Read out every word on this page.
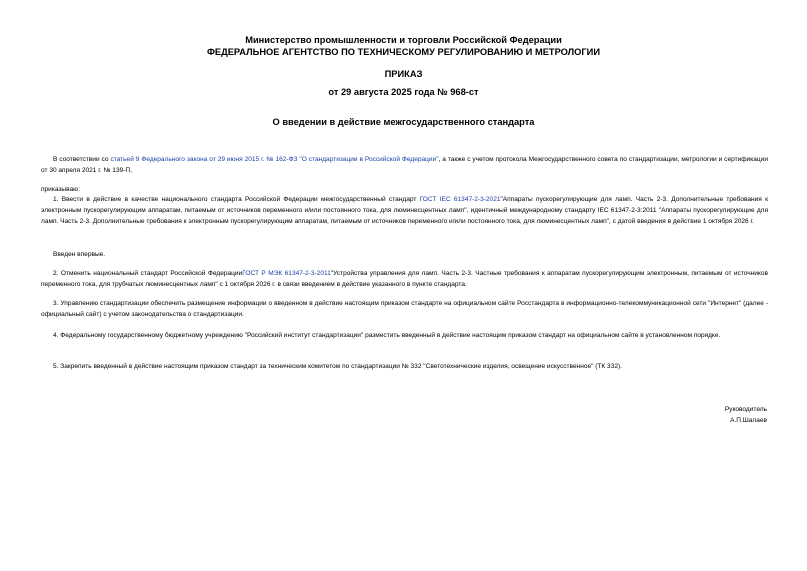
Министерство промышленности и торговли Российской Федерации
ФЕДЕРАЛЬНОЕ АГЕНТСТВО ПО ТЕХНИЧЕСКОМУ РЕГУЛИРОВАНИЮ И МЕТРОЛОГИИ
ПРИКАЗ
от 29 августа 2025 года № 968-ст
О введении в действие межгосударственного стандарта
В соответствии со статьей 9 Федерального закона от 29 июня 2015 г. № 162-ФЗ "О стандартизации в Российской Федерации", а также с учетом протокола Межгосударственного совета по стандартизации, метрологии и сертификации от 30 апреля 2021 г. № 139-П,
приказываю:
1. Ввести в действие в качестве национального стандарта Российской Федерации межгосударственный стандарт ГОСТ IEC 61347-2-3-2021"Аппараты пускорегулирующие для ламп. Часть 2-3. Дополнительные требования к электронным пускорегулирующим аппаратам, питаемым от источников переменного и/или постоянного тока, для люминесцентных ламп", идентичный международному стандарту IEC 61347-2-3:2011 "Аппараты пускорегулирующие для ламп. Часть 2-3. Дополнительные требования к электронным пускорегулирующим аппаратам, питаемым от источников переменного и/или постоянного тока, для люминесцентных ламп", с датой введения в действие 1 октября 2026 г.
Введен впервые.
2. Отменить национальный стандарт Российской ФедерацииГОСТ Р МЭК 61347-2-3-2011"Устройства управления для ламп. Часть 2-3. Частные требования к аппаратам пускорегулирующим электронным, питаемым от источников переменного тока, для трубчатых люминесцентных ламп" с 1 октября 2026 г. в связи введением в действие указанного в пункте стандарта.
3. Управлению стандартизации обеспечить размещение информации о введенном в действие настоящим приказом стандарте на официальном сайте Росстандарта в информационно-телекоммуникационной сети "Интернет" (далее - официальный сайт) с учетом законодательства о стандартизации.
4. Федеральному государственному бюджетному учреждению "Российский институт стандартизации" разместить введенный в действие настоящим приказом стандарт на официальном сайте в установленном порядке.
5. Закрепить введенный в действие настоящим приказом стандарт за техническим комитетом по стандартизации № 332 "Светотехнические изделия, освещение искусственное" (ТК 332).
Руководитель
А.П.Шалаев
